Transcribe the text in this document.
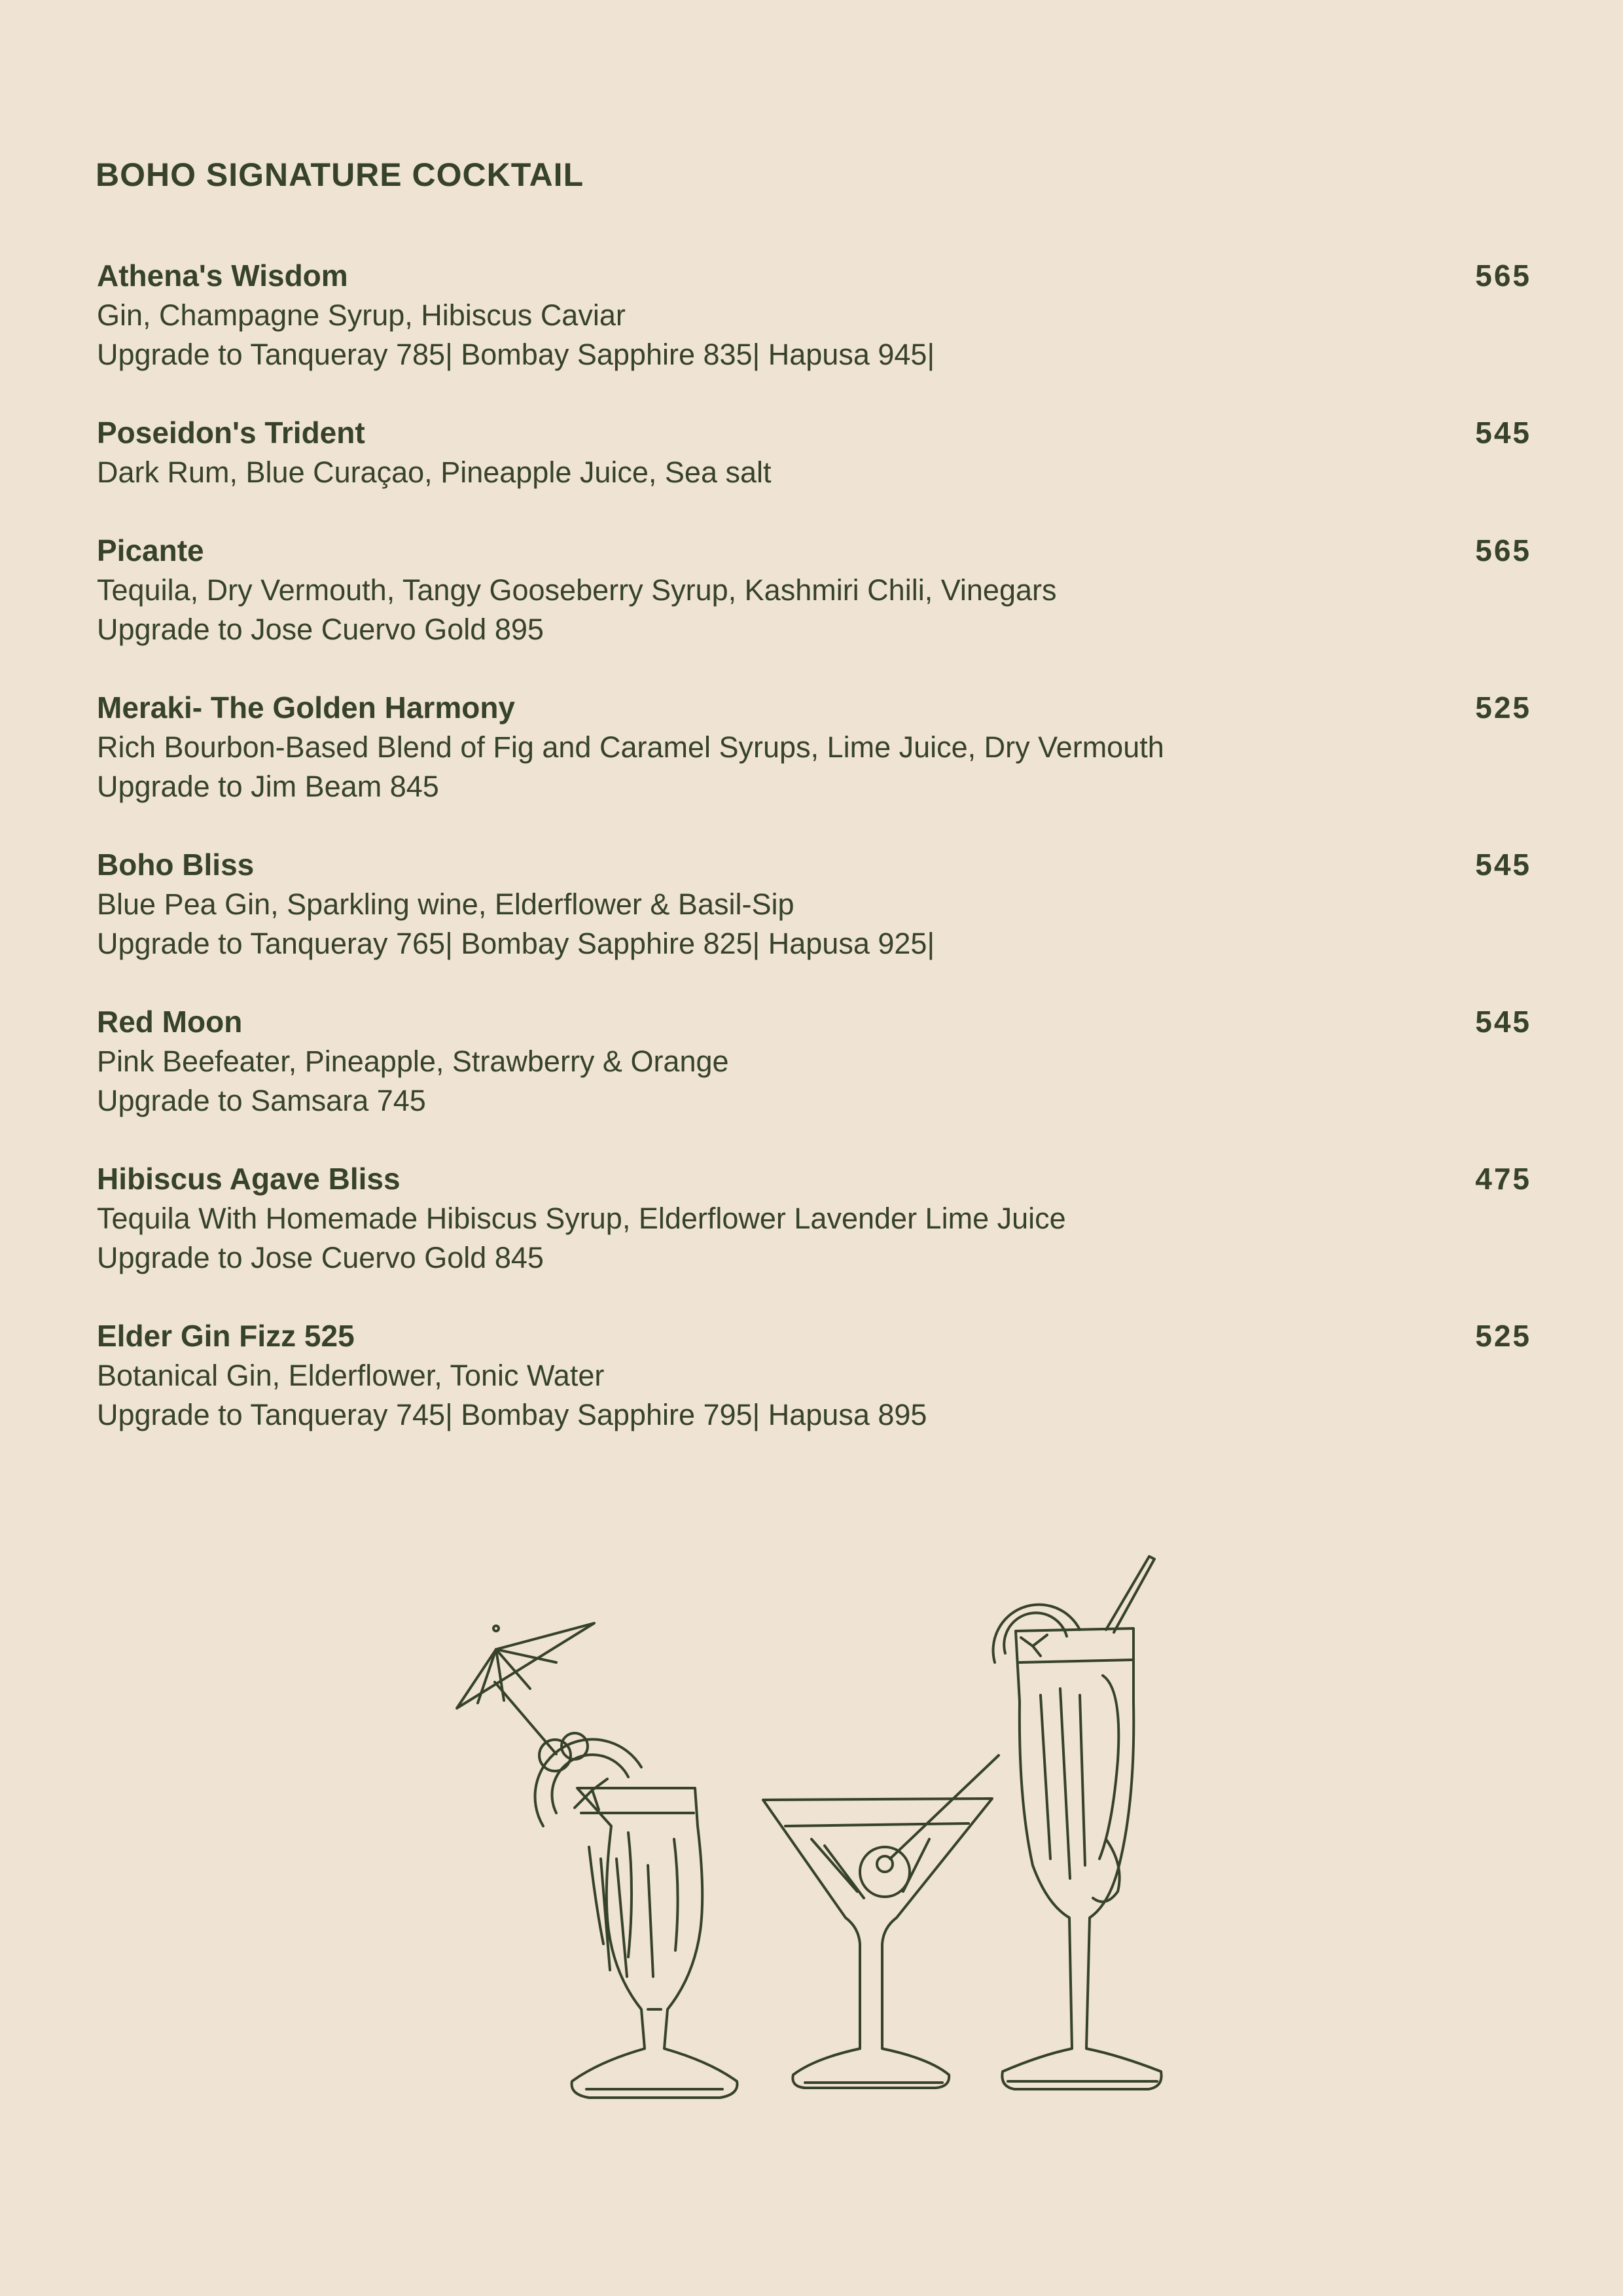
BOHO SIGNATURE COCKTAIL
Athena's Wisdom	565
Gin, Champagne Syrup, Hibiscus Caviar
Upgrade to Tanqueray 785| Bombay Sapphire 835| Hapusa 945|
Poseidon's Trident	545
Dark Rum, Blue Curaçao, Pineapple Juice, Sea salt
Picante	565
Tequila, Dry Vermouth, Tangy Gooseberry Syrup, Kashmiri Chili, Vinegars
Upgrade to Jose Cuervo Gold 895
Meraki- The Golden Harmony	525
Rich Bourbon-Based Blend of Fig and Caramel Syrups, Lime Juice, Dry Vermouth
Upgrade to Jim Beam 845
Boho Bliss	545
Blue Pea Gin, Sparkling wine, Elderflower & Basil-Sip
Upgrade to Tanqueray 765| Bombay Sapphire 825| Hapusa 925|
Red Moon	545
Pink Beefeater, Pineapple, Strawberry & Orange
Upgrade to Samsara 745
Hibiscus Agave Bliss	475
Tequila With Homemade Hibiscus Syrup, Elderflower Lavender Lime Juice
Upgrade to Jose Cuervo Gold 845
Elder Gin Fizz 525	525
Botanical Gin, Elderflower, Tonic Water
Upgrade to Tanqueray 745| Bombay Sapphire 795| Hapusa 895
